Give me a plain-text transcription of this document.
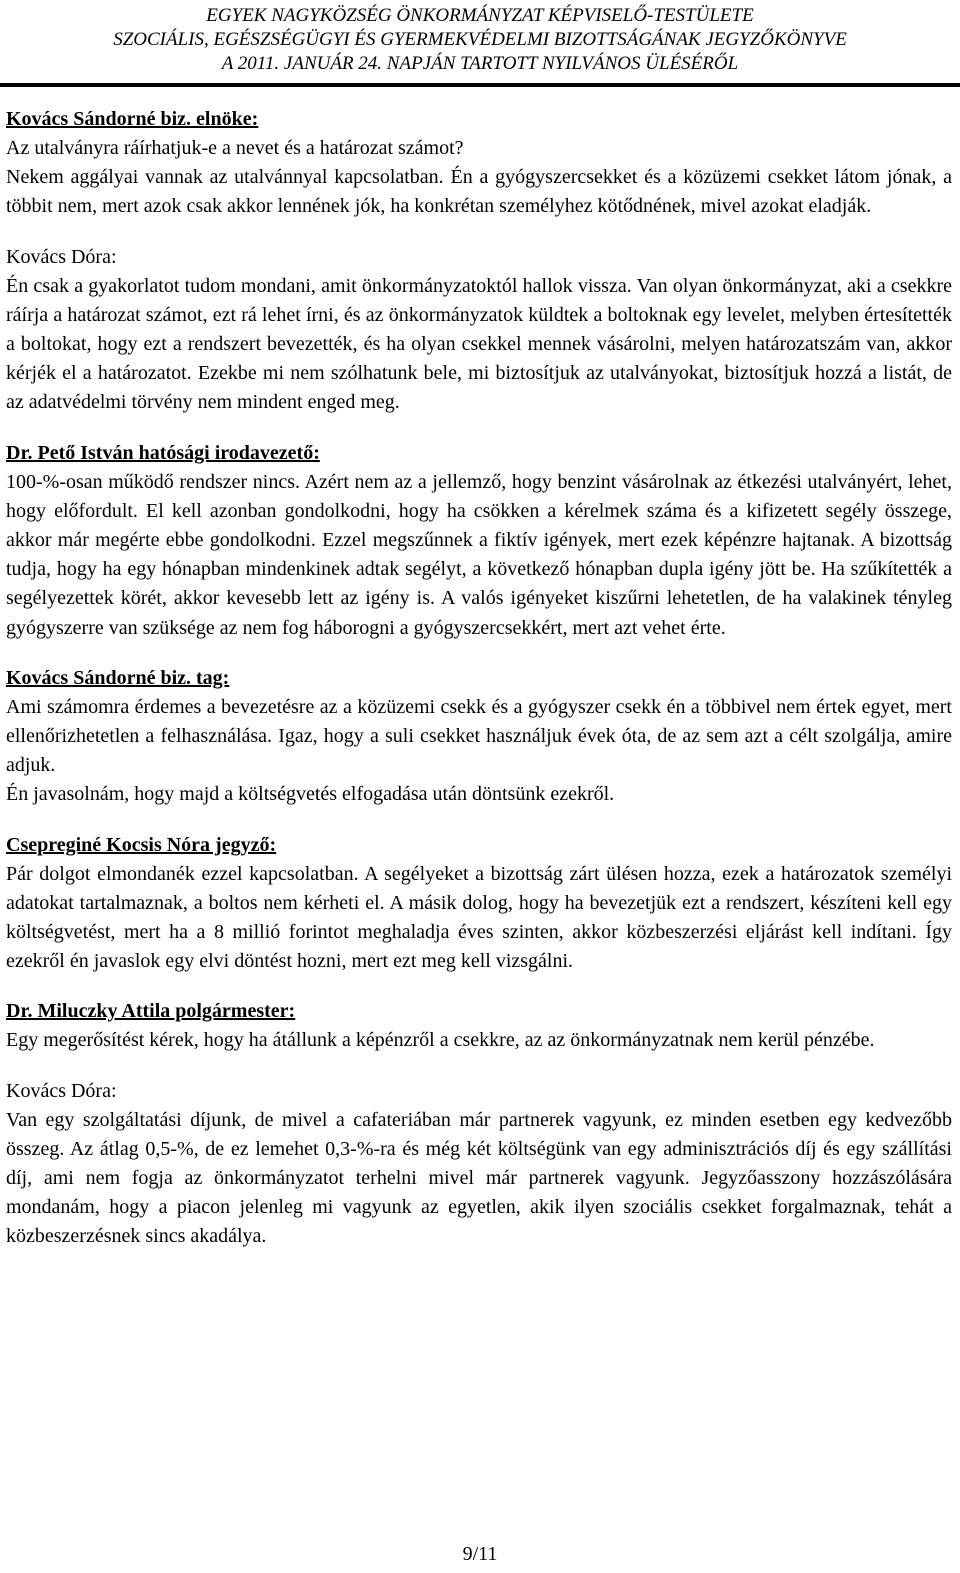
EGYEK NAGYKÖZSÉG ÖNKORMÁNYZAT KÉPVISELŐ-TESTÜLETE
SZOCIÁLIS, EGÉSZSÉGÜGYI ÉS GYERMEKVÉDELMI BIZOTTSÁGÁNAK JEGYZŐKÖNYVE
A 2011. JANUÁR 24. NAPJÁN TARTOTT NYILVÁNOS ÜLÉSÉRŐL
Kovács Sándorné biz. elnöke:

Az utalványra ráírhatjuk-e a nevet és a határozat számot?

Nekem aggályai vannak az utalvánnyal kapcsolatban. Én a gyógyszercsekket és a közüzemi csekket látom jónak, a többit nem, mert azok csak akkor lennének jók, ha konkrétan személyhez kötődnének, mivel azokat eladják.

Kovács Dóra:

Én csak a gyakorlatot tudom mondani, amit önkormányzatoktól hallok vissza. Van olyan önkormányzat, aki a csekkre ráírja a határozat számot, ezt rá lehet írni, és az önkormányzatok küldtek a boltoknak egy levelet, melyben értesítették a boltokat, hogy ezt a rendszert bevezették, és ha olyan csekkel mennek vásárolni, melyen határozatszám van, akkor kérjék el a határozatot. Ezekbe mi nem szólhatunk bele, mi biztosítjuk az utalványokat, biztosítjuk hozzá a listát, de az adatvédelmi törvény nem mindent enged meg.

Dr. Pető István hatósági irodavezető:

100-%-osan működő rendszer nincs. Azért nem az a jellemző, hogy benzint vásárolnak az étkezési utalványért, lehet, hogy előfordult. El kell azonban gondolkodni, hogy ha csökken a kérelmek száma és a kifizetett segély összege, akkor már megérte ebbe gondolkodni. Ezzel megszűnnek a fiktív igények, mert ezek képénzre hajtanak. A bizottság tudja, hogy ha egy hónapban mindenkinek adtak segélyt, a következő hónapban dupla igény jött be. Ha szűkítették a segélyezettek körét, akkor kevesebb lett az igény is. A valós igényeket kiszűrni lehetetlen, de ha valakinek tényleg gyógyszerre van szüksége az nem fog háborogni a gyógyszercsekkért, mert azt vehet érte.

Kovács Sándorné biz. tag:

Ami számomra érdemes a bevezetésre az a közüzemi csekk és a gyógyszer csekk én a többivel nem értek egyet, mert ellenőrizhetetlen a felhasználása. Igaz, hogy a suli csekket használjuk évek óta, de az sem azt a célt szolgálja, amire adjuk.

Én javasolnám, hogy majd a költségvetés elfogadása után döntsünk ezekről.

Csepreginé Kocsis Nóra jegyző:

Pár dolgot elmondanék ezzel kapcsolatban. A segélyeket a bizottság zárt ülésen hozza, ezek a határozatok személyi adatokat tartalmaznak, a boltos nem kérheti el. A másik dolog, hogy ha bevezetjük ezt a rendszert, készíteni kell egy költségvetést, mert ha a 8 millió forintot meghaladja éves szinten, akkor közbeszerzési eljárást kell indítani. Így ezekről én javaslok egy elvi döntést hozni, mert ezt meg kell vizsgálni.

Dr. Miluczky Attila polgármester:

Egy megerősítést kérek, hogy ha átállunk a képénzről a csekkre, az az önkormányzatnak nem kerül pénzébe.

Kovács Dóra:

Van egy szolgáltatási díjunk, de mivel a cafateriában már partnerek vagyunk, ez minden esetben egy kedvezőbb összeg. Az átlag 0,5-%, de ez lemehet 0,3-%-ra és még két költségünk van egy adminisztrációs díj és egy szállítási díj, ami nem fogja az önkormányzatot terhelni mivel már partnerek vagyunk. Jegyzőasszony hozzászólására mondanám, hogy a piacon jelenleg mi vagyunk az egyetlen, akik ilyen szociális csekket forgalmaznak, tehát a közbeszerzésnek sincs akadálya.

9/11
